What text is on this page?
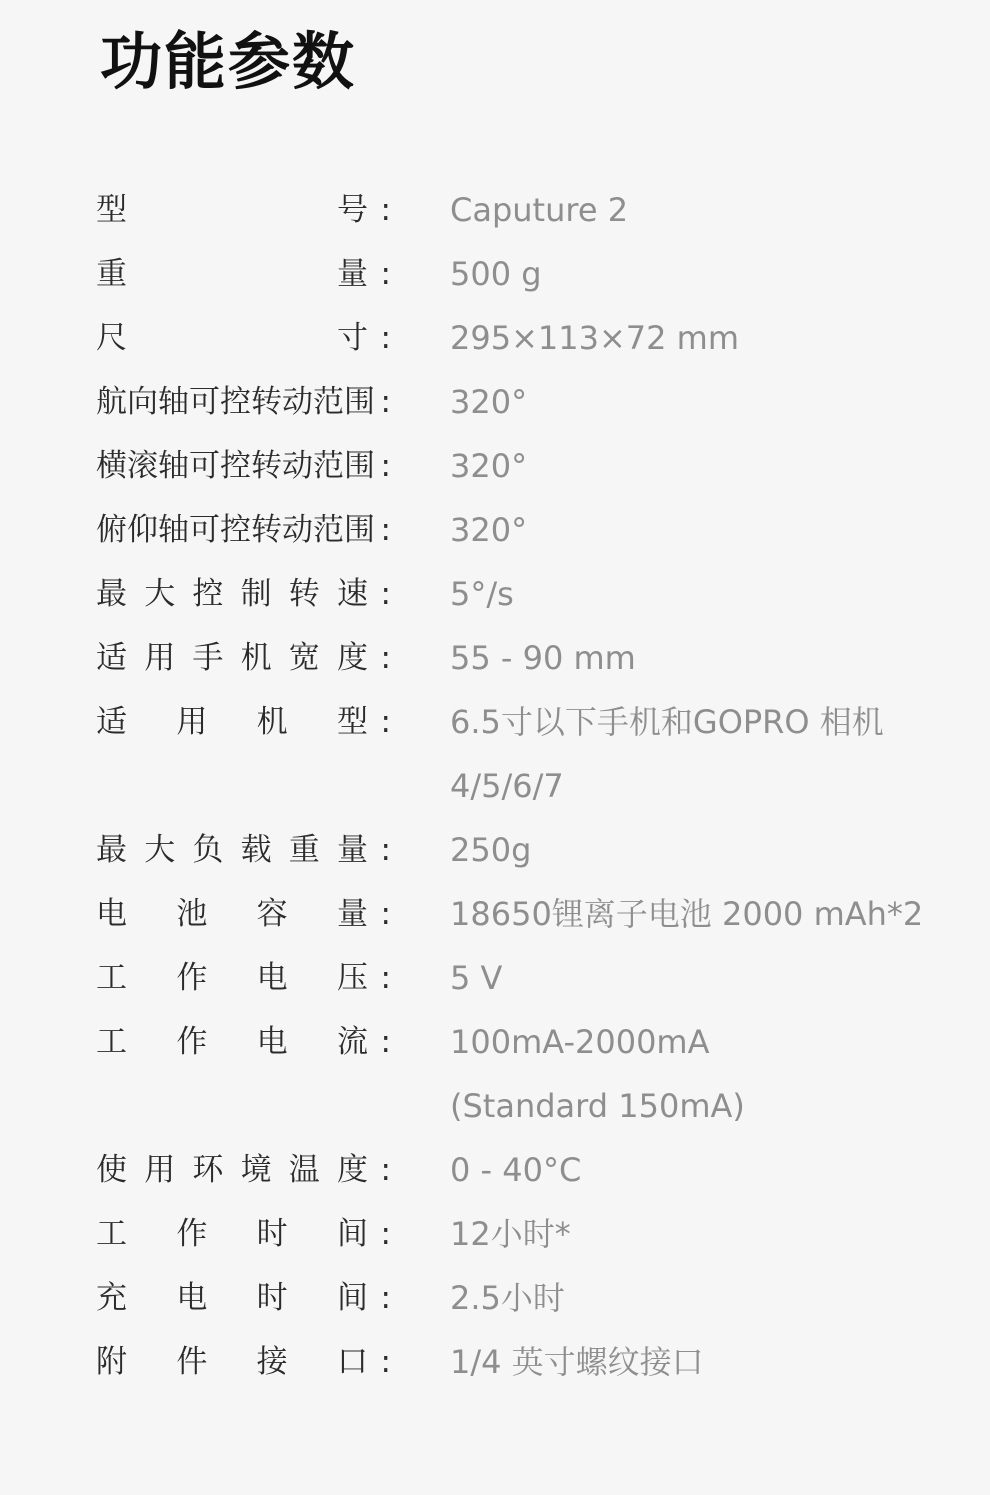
功能参数
型	号 : Caputure 2
重	量 : 500 g
尺	寸 : 295×113×72 mm
航 向 轴 可 控 转 动 范 围 : 320°
横 滚 轴 可 控 转 动 范 围 : 320°
俯 仰 轴 可 控 转 动 范 围 : 320°
最 大 控 制 转 速 : 5°/s
适 用 手 机 宽 度 : 55 - 90 mm
适 用 机 型 : 6.5寸以下手机和GOPRO 相机
4/5/6/7
最 大 负 载 重 量 : 250g
电 池 容 量 : 18650锂离子电池 2000 mAh*2
工 作 电 压 : 5 V
工 作 电 流 : 100mA-2000mA
(Standard 150mA)
使 用 环 境 温 度 : 0 - 40°C
工 作 时 间 : 12小时*
充 电 时 间 : 2.5小时
附 件 接 口 : 1/4 英寸螺纹接口
